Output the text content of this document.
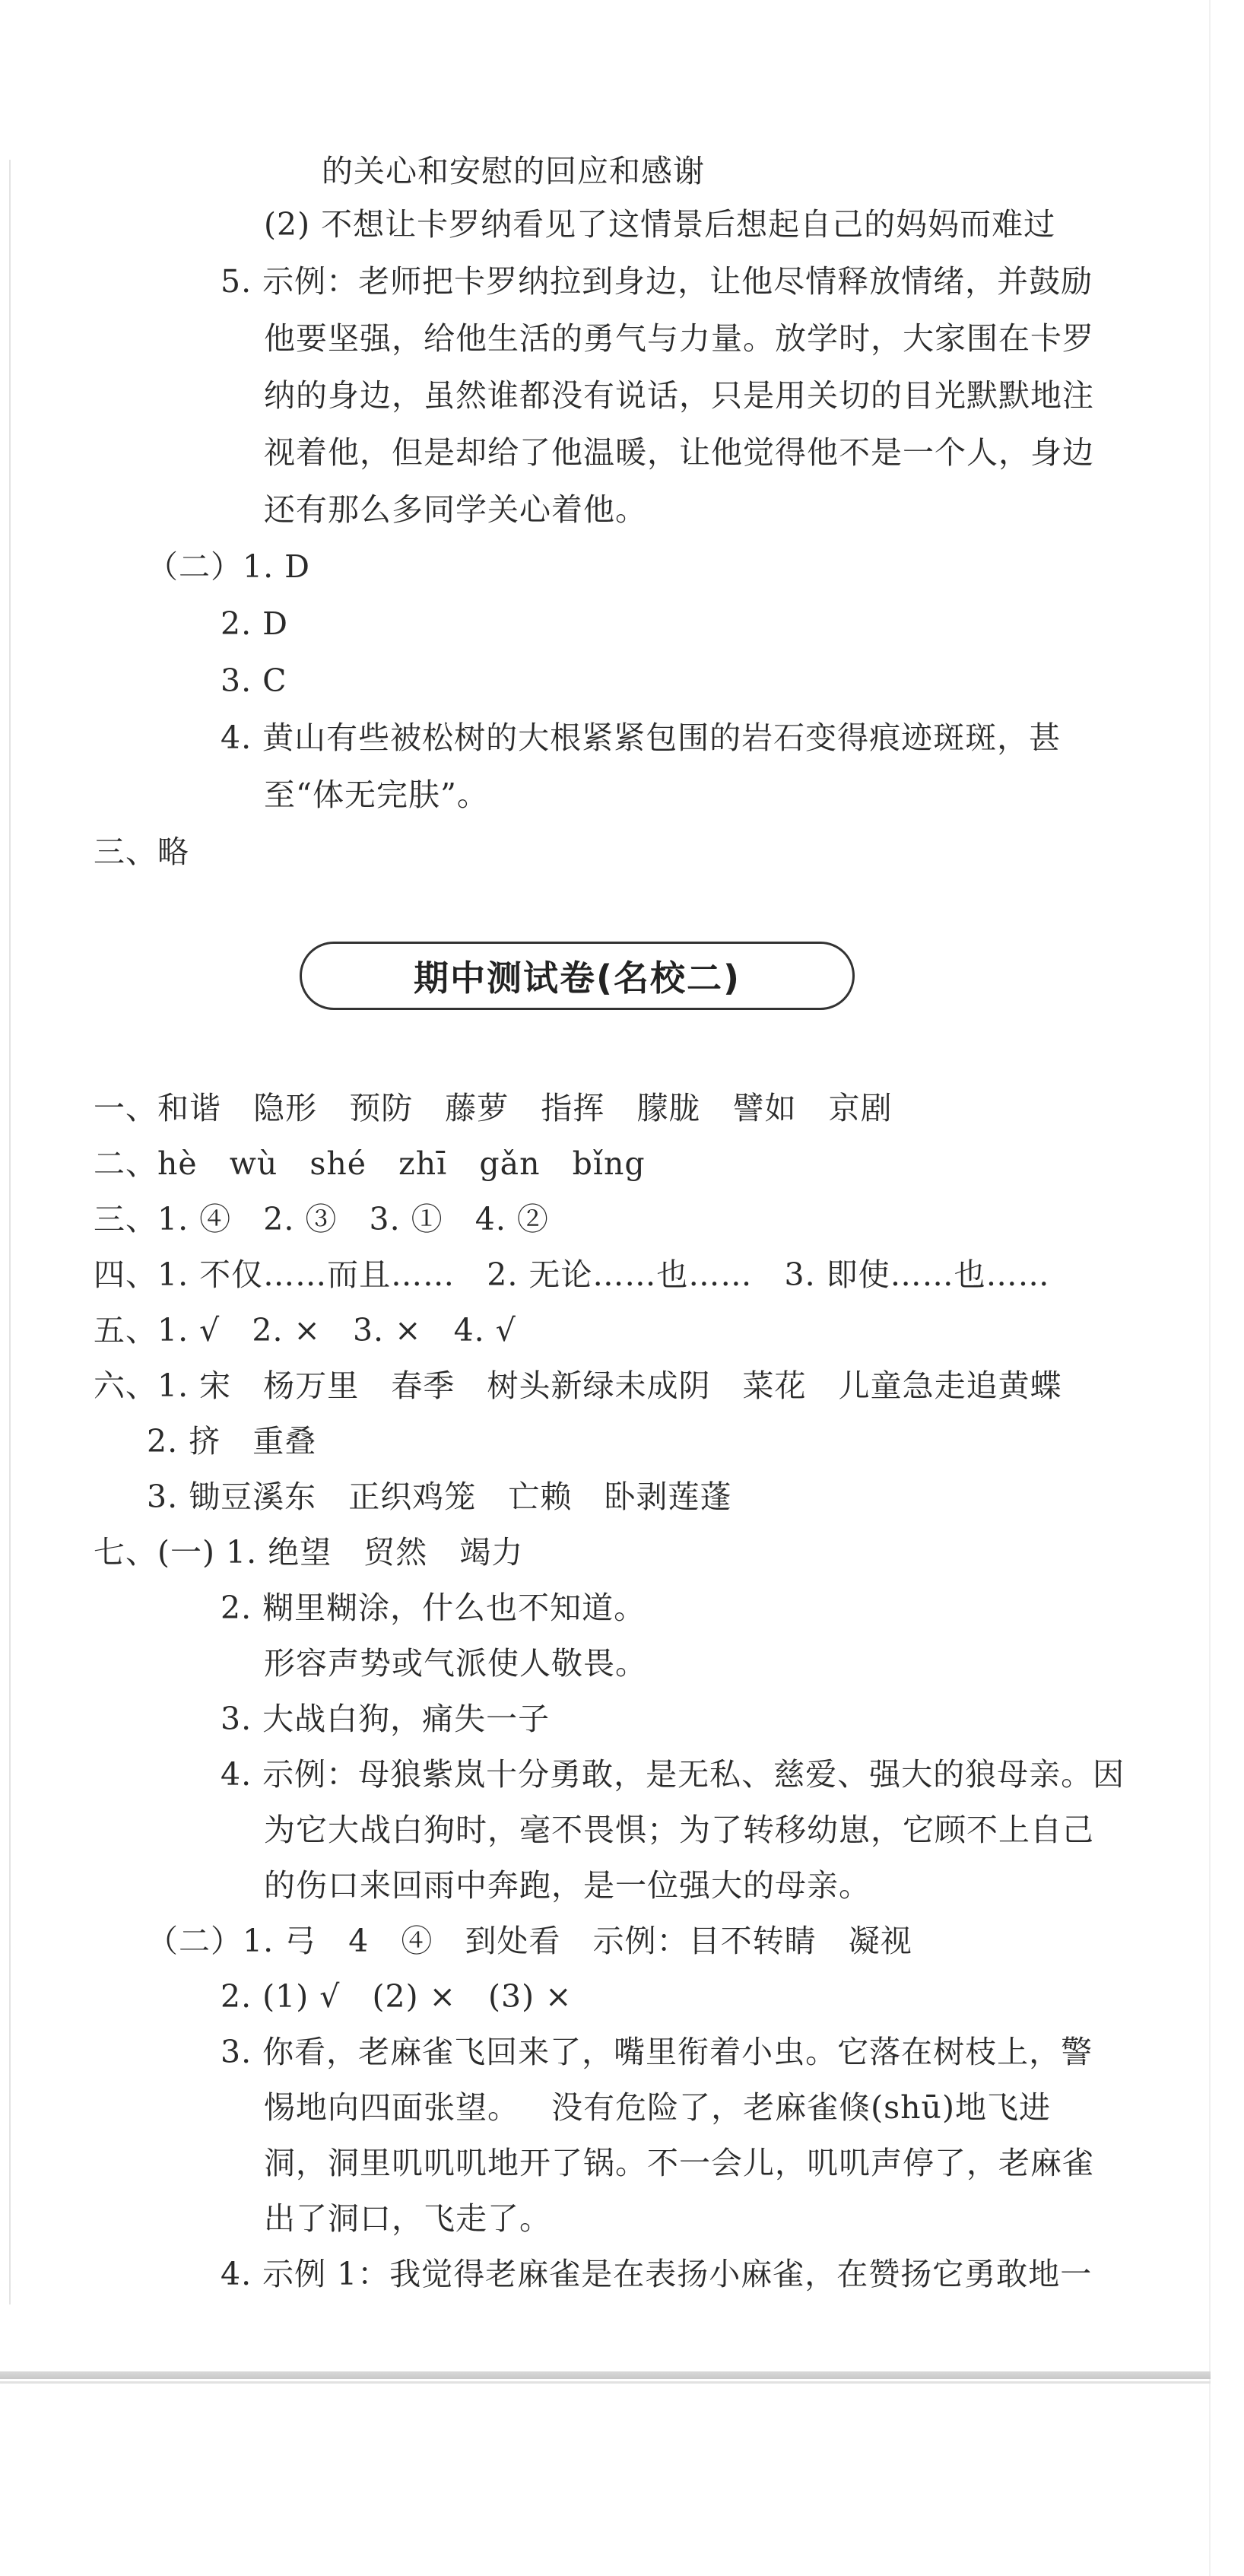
的关心和安慰的回应和感谢
(2) 不想让卡罗纳看见了这情景后想起自己的妈妈而难过
5. 示例：老师把卡罗纳拉到身边，让他尽情释放情绪，并鼓励
他要坚强，给他生活的勇气与力量。放学时，大家围在卡罗
纳的身边，虽然谁都没有说话，只是用关切的目光默默地注
视着他，但是却给了他温暖，让他觉得他不是一个人，身边
还有那么多同学关心着他。
（二）1. D
2. D
3. C
4. 黄山有些被松树的大根紧紧包围的岩石变得痕迹斑斑，甚
至“体无完肤”。
三、略
期中测试卷(名校二)
一、和谐   隐形   预防   藤萝   指挥   朦胧   譬如   京剧
二、hè   wù   shé   zhī   gǎn   bǐng
三、1. ④   2. ③   3. ①   4. ②
四、1. 不仅……而且……   2. 无论……也……   3. 即使……也……
五、1. √   2. ×   3. ×   4. √
六、1. 宋   杨万里   春季   树头新绿未成阴   菜花   儿童急走追黄蝶
2. 挤   重叠
3. 锄豆溪东   正织鸡笼   亡赖   卧剥莲蓬
七、(一) 1. 绝望   贸然   竭力
2. 糊里糊涂，什么也不知道。
形容声势或气派使人敬畏。
3. 大战白狗，痛失一子
4. 示例：母狼紫岚十分勇敢，是无私、慈爱、强大的狼母亲。因
为它大战白狗时，毫不畏惧；为了转移幼崽，它顾不上自己
的伤口来回雨中奔跑，是一位强大的母亲。
（二）1. 弓   4   ④   到处看   示例：目不转睛   凝视
2. (1) √   (2) ×   (3) ×
3. 你看，老麻雀飞回来了，嘴里衔着小虫。它落在树枝上，警
惕地向四面张望。   没有危险了，老麻雀倏(shū)地飞进
洞，洞里叽叽叽地开了锅。不一会儿，叽叽声停了，老麻雀
出了洞口，飞走了。
4. 示例 1：我觉得老麻雀是在表扬小麻雀，在赞扬它勇敢地一
